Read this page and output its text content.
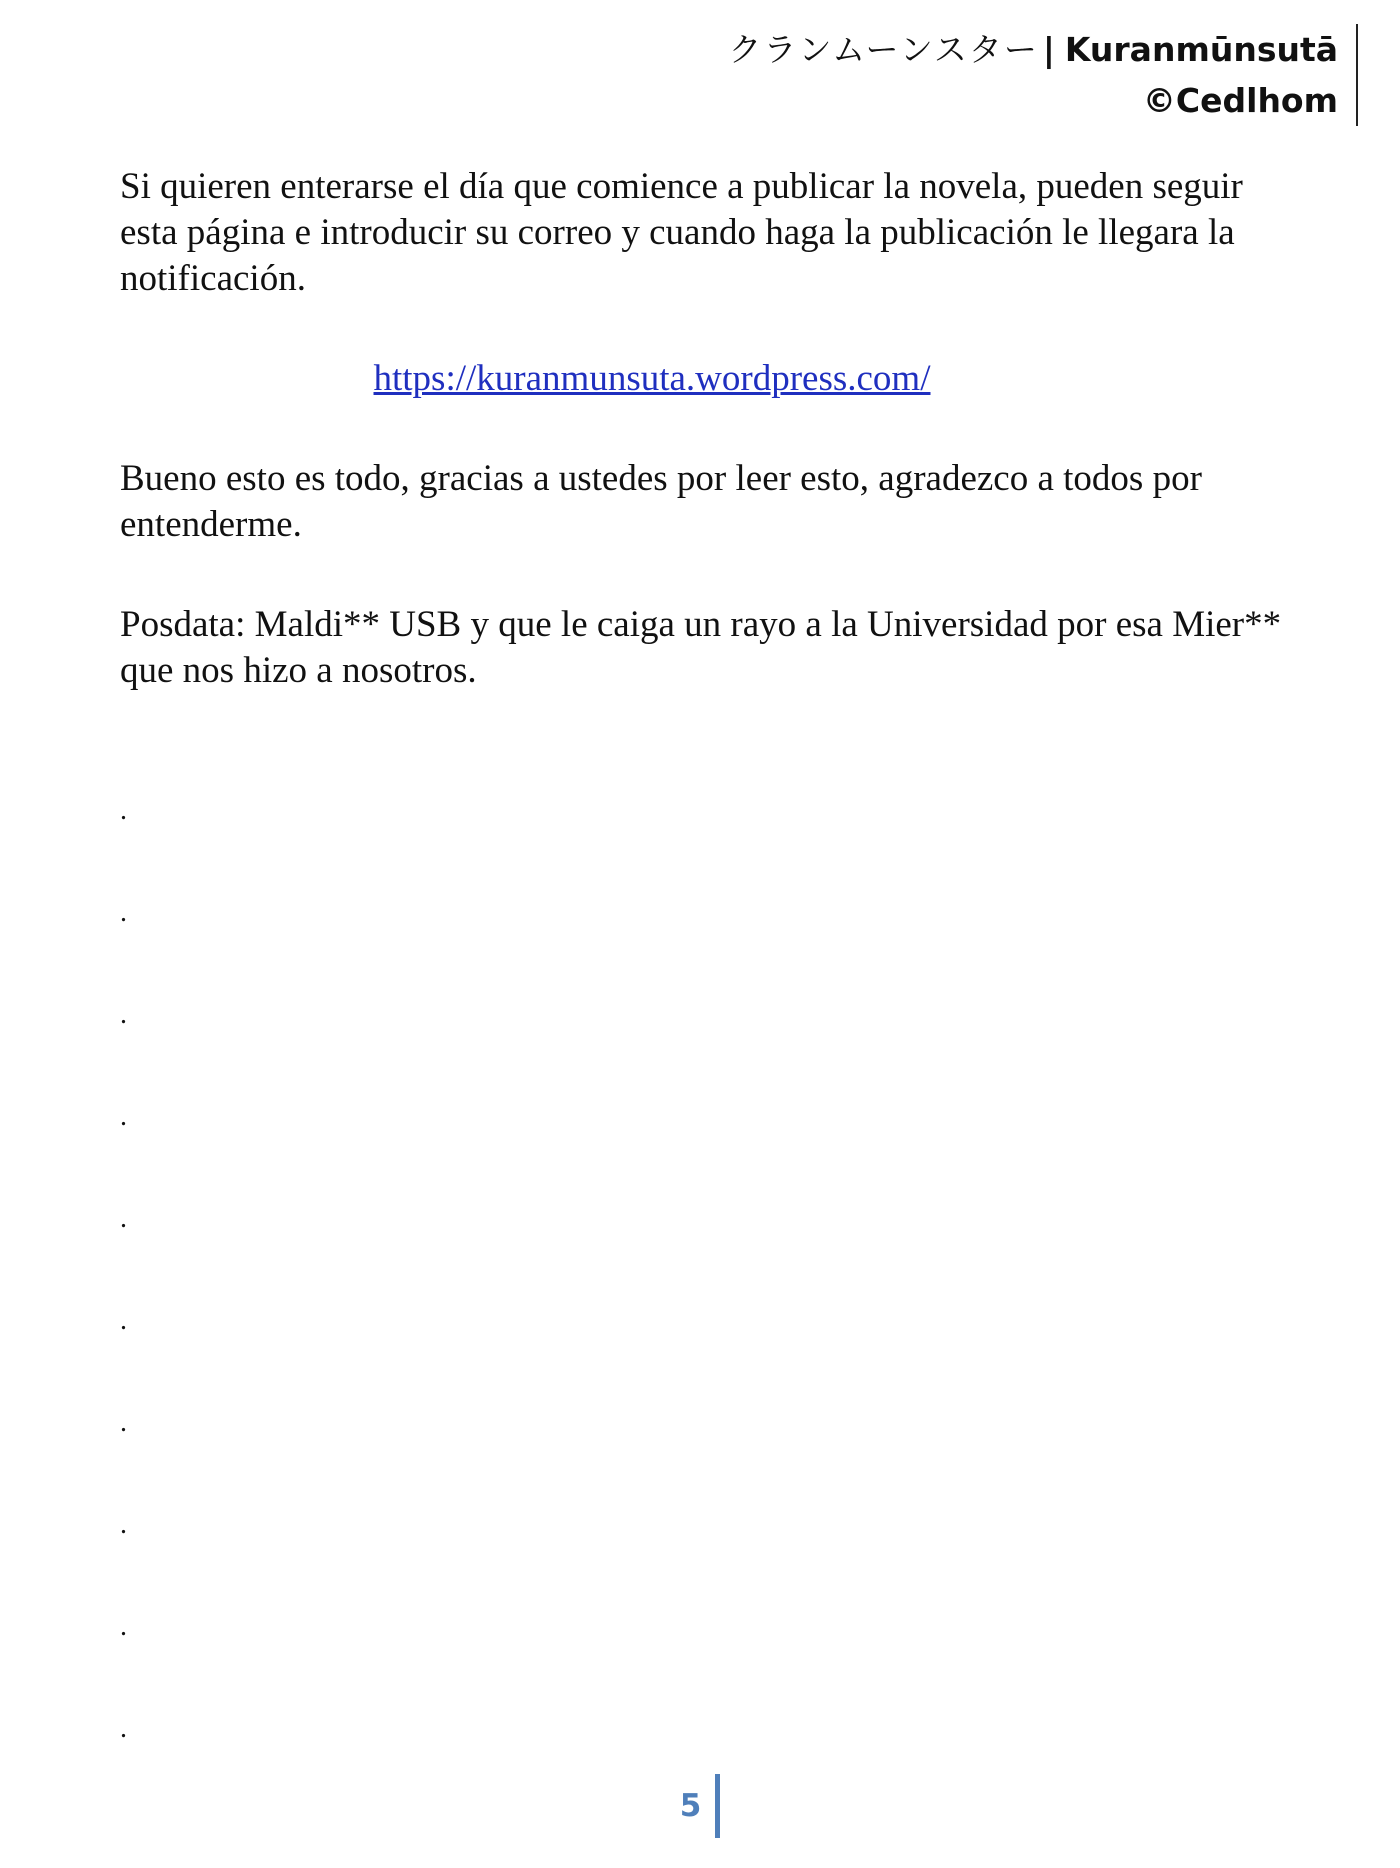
クランムーンスター | Kuranmūnsutā
©Cedlhom

Si quieren enterarse el día que comience a publicar la novela, pueden seguir esta página e introducir su correo y cuando haga la publicación le llegara la notificación.

https://kuranmunsuta.wordpress.com/

Bueno esto es todo, gracias a ustedes por leer esto, agradezco a todos por entenderme.

Posdata: Maldi** USB y que le caiga un rayo a la Universidad por esa Mier** que nos hizo a nosotros.

.
.
.
.
.
.
.
.
.
.
5
